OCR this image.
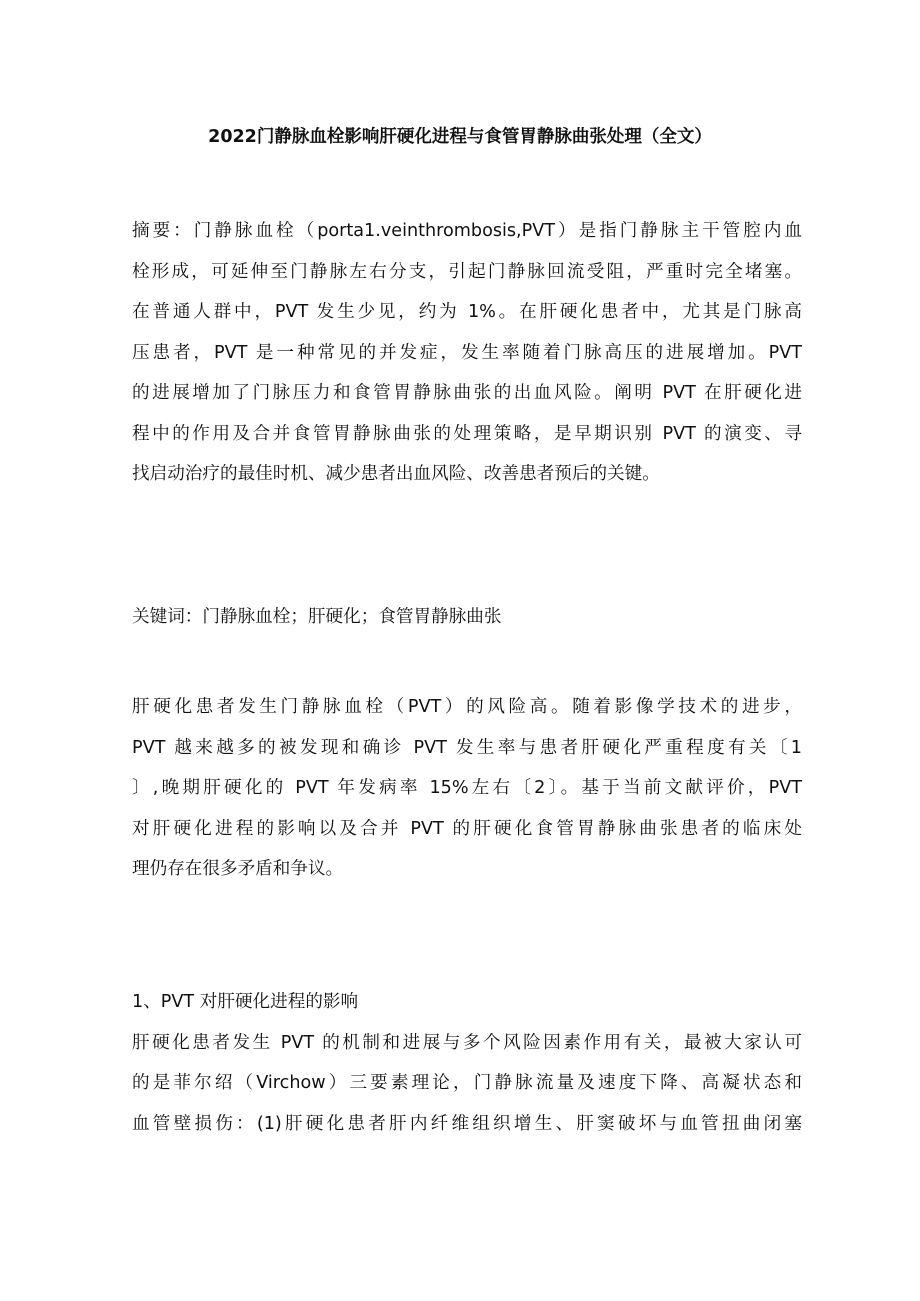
2022门静脉血栓影响肝硬化进程与食管胃静脉曲张处理（全文）
摘要：门静脉血栓（porta1.veinthrombosis,PVT）是指门静脉主干管腔内血
栓形成，可延伸至门静脉左右分支，引起门静脉回流受阻，严重时完全堵塞。
在普通人群中，PVT 发生少见，约为 1%。在肝硬化患者中，尤其是门脉高
压患者，PVT 是一种常见的并发症，发生率随着门脉高压的进展增加。PVT
的进展增加了门脉压力和食管胃静脉曲张的出血风险。阐明 PVT 在肝硬化进
程中的作用及合并食管胃静脉曲张的处理策略，是早期识别 PVT 的演变、寻
找启动治疗的最佳时机、减少患者出血风险、改善患者预后的关键。
关键词：门静脉血栓；肝硬化；食管胃静脉曲张
肝硬化患者发生门静脉血栓（PVT）的风险高。随着影像学技术的进步，
PVT 越来越多的被发现和确诊 PVT 发生率与患者肝硬化严重程度有关〔1
〕,晚期肝硬化的 PVT 年发病率 15%左右〔2〕。基于当前文献评价，PVT
对肝硬化进程的影响以及合并 PVT 的肝硬化食管胃静脉曲张患者的临床处
理仍存在很多矛盾和争议。
1、PVT 对肝硬化进程的影响
肝硬化患者发生 PVT 的机制和进展与多个风险因素作用有关，最被大家认可
的是菲尔绍（Virchow）三要素理论，门静脉流量及速度下降、高凝状态和
血管壁损伤：(1)肝硬化患者肝内纤维组织增生、肝窦破坏与血管扭曲闭塞
